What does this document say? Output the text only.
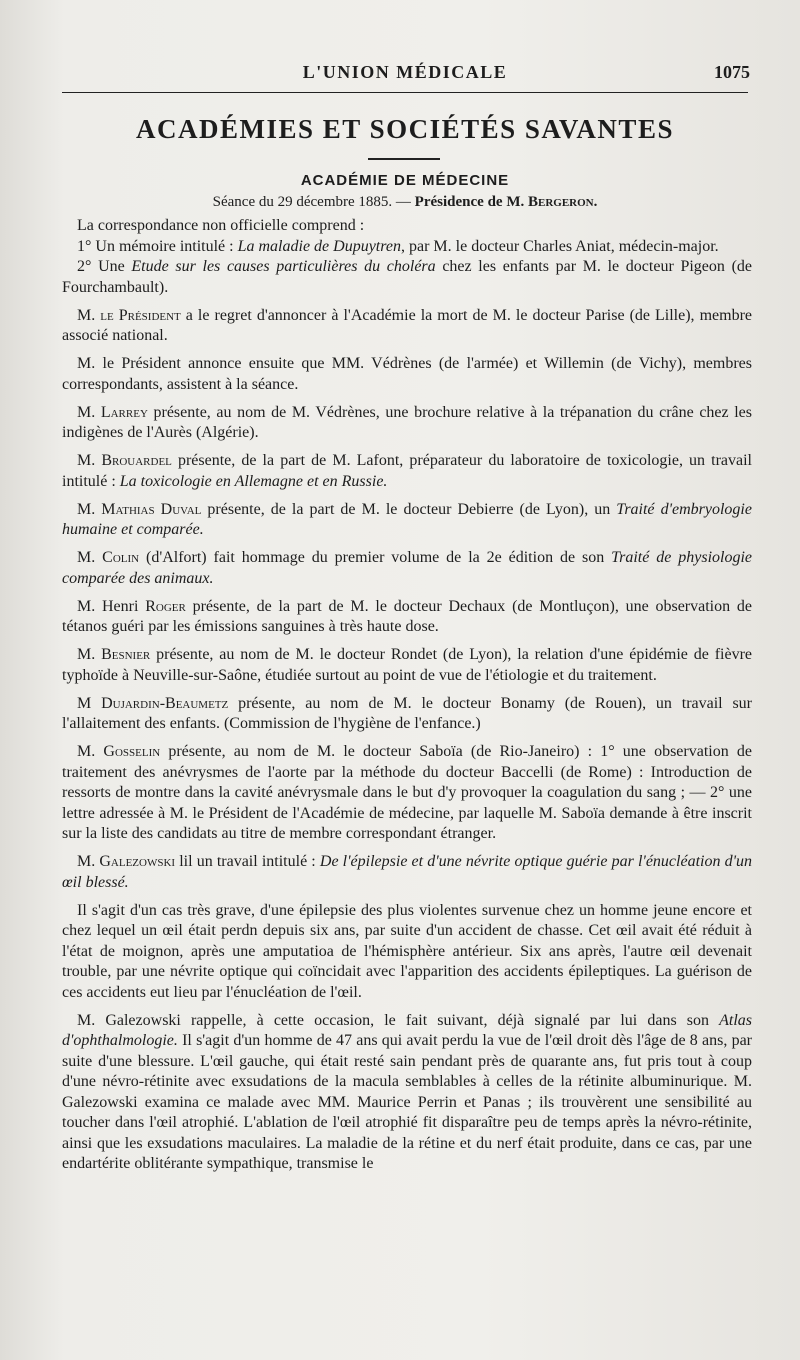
L'UNION MÉDICALE	1075
ACADÉMIES ET SOCIÉTÉS SAVANTES
ACADÉMIE DE MÉDECINE
Séance du 29 décembre 1885. — Présidence de M. Bergeron.

La correspondance non officielle comprend :

1° Un mémoire intitulé : La maladie de Dupuytren, par M. le docteur Charles Aniat, médecin-major.

2° Une Etude sur les causes particulières du choléra chez les enfants par M. le docteur Pigeon (de Fourchambault).

M. le Président a le regret d'annoncer à l'Académie la mort de M. le docteur Parise (de Lille), membre associé national.

M. le Président annonce ensuite que MM. Védrènes (de l'armée) et Willemin (de Vichy), membres correspondants, assistent à la séance.

M. Larrey présente, au nom de M. Védrènes, une brochure relative à la trépanation du crâne chez les indigènes de l'Aurès (Algérie).

M. Brouardel présente, de la part de M. Lafont, préparateur du laboratoire de toxicologie, un travail intitulé : La toxicologie en Allemagne et en Russie.

M. Mathias Duval présente, de la part de M. le docteur Debierre (de Lyon), un Traité d'embryologie humaine et comparée.

M. Colin (d'Alfort) fait hommage du premier volume de la 2e édition de son Traité de physiologie comparée des animaux.

M. Henri Roger présente, de la part de M. le docteur Dechaux (de Montluçon), une observation de tétanos guéri par les émissions sanguines à très haute dose.

M. Besnier présente, au nom de M. le docteur Rondet (de Lyon), la relation d'une épidémie de fièvre typhoïde à Neuville-sur-Saône, étudiée surtout au point de vue de l'étiologie et du traitement.

M Dujardin-Beaumetz présente, au nom de M. le docteur Bonamy (de Rouen), un travail sur l'allaitement des enfants. (Commission de l'hygiène de l'enfance.)

M. Gosselin présente, au nom de M. le docteur Saboïa (de Rio-Janeiro) : 1° une observation de traitement des anévrysmes de l'aorte par la méthode du docteur Baccelli (de Rome) : Introduction de ressorts de montre dans la cavité anévrysmale dans le but d'y provoquer la coagulation du sang ; — 2° une lettre adressée à M. le Président de l'Académie de médecine, par laquelle M. Saboïa demande à être inscrit sur la liste des candidats au titre de membre correspondant étranger.

M. Galezowski lil un travail intitulé : De l'épilepsie et d'une névrite optique guérie par l'énucléation d'un œil blessé.

Il s'agit d'un cas très grave, d'une épilepsie des plus violentes survenue chez un homme jeune encore et chez lequel un œil était perdn depuis six ans, par suite d'un accident de chasse. Cet œil avait été réduit à l'état de moignon, après une amputatioa de l'hémisphère antérieur. Six ans après, l'autre œil devenait trouble, par une névrite optique qui coïncidait avec l'apparition des accidents épileptiques. La guérison de ces accidents eut lieu par l'énucléation de l'œil.

M. Galezowski rappelle, à cette occasion, le fait suivant, déjà signalé par lui dans son Atlas d'ophthalmologie. Il s'agit d'un homme de 47 ans qui avait perdu la vue de l'œil droit dès l'âge de 8 ans, par suite d'une blessure. L'œil gauche, qui était resté sain pendant près de quarante ans, fut pris tout à coup d'une névro-rétinite avec exsudations de la macula semblables à celles de la rétinite albuminurique. M. Galezowski examina ce malade avec MM. Maurice Perrin et Panas ; ils trouvèrent une sensibilité au toucher dans l'œil atrophié. L'ablation de l'œil atrophié fit disparaître peu de temps après la névro-rétinite, ainsi que les exsudations maculaires. La maladie de la rétine et du nerf était produite, dans ce cas, par une endartérite oblitérante sympathique, transmise le
